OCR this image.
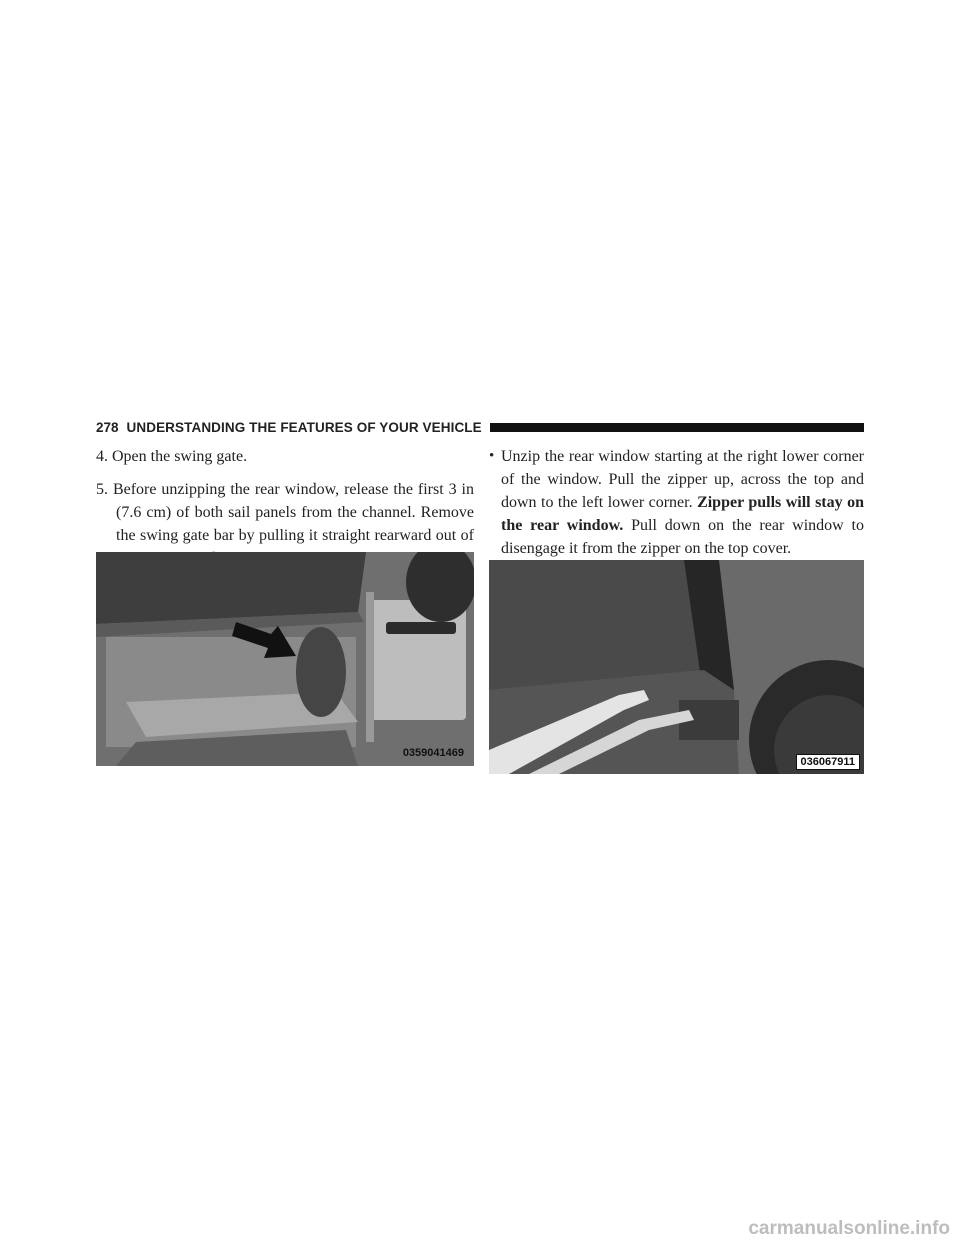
278 UNDERSTANDING THE FEATURES OF YOUR VEHICLE

4. Open the swing gate.

5. Before unzipping the rear window, release the first 3 in (7.6 cm) of both sail panels from the channel. Remove the swing gate bar by pulling it straight rearward out of

• Unzip the rear window starting at the right lower corner of the window. Pull the zipper up, across the top and down to the left lower corner. Zipper pulls will stay on the rear window. Pull down on the rear window to disengage it from the zipper on the top cover.
0359041469
036067911
carmanualsonline.info
